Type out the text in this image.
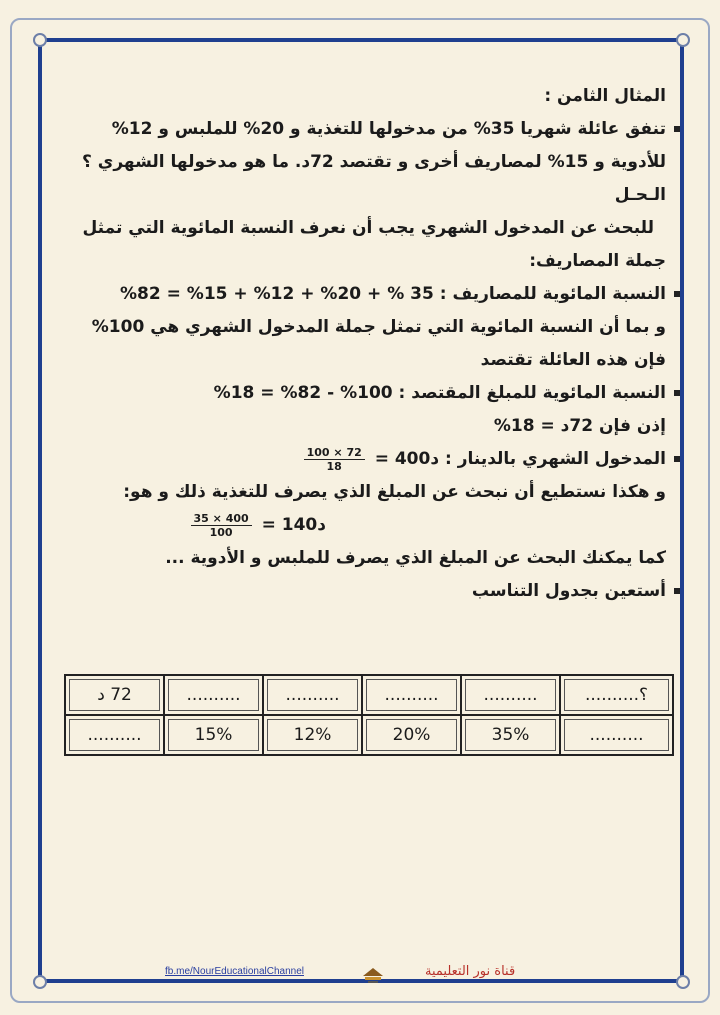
المثال الثامن :
تنفق عائلة شهريا 35% من مدخولها للتغذية و 20% للملبس و 12%
للأدوية و 15% لمصاريف أخرى و تقتصد 72د. ما هو مدخولها الشهري ؟
الـحـل
للبحث عن المدخول الشهري يجب أن نعرف النسبة المائوية التي تمثل
جملة المصاريف:
النسبة المائوية للمصاريف : 35 % + 20% + 12% + 15% = 82%
و بما أن النسبة المائوية التي تمثل جملة المدخول الشهري هي 100%
فإن هذه العائلة تقتصد
النسبة المائوية للمبلغ المقتصد : 100% - 82% = 18%
إذن فإن 72د = 18%
المدخول الشهري بالدينار :
$\frac{100 \times 72}{18}$ = 400د
و هكذا نستطيع أن نبحث عن المبلغ الذي يصرف للتغذية ذلك و هو:
$\frac{35 \times 400}{100}$ = 140د
كما يمكنك البحث عن المبلغ الذي يصرف للملبس و الأدوية ...
أستعين بجدول التناسب
؟..........	..........	..........	..........	..........	72 د

..........	35%	20%	12%	15%	..........
fb.me/NourEducationalChannel	قناة نور التعليمية
